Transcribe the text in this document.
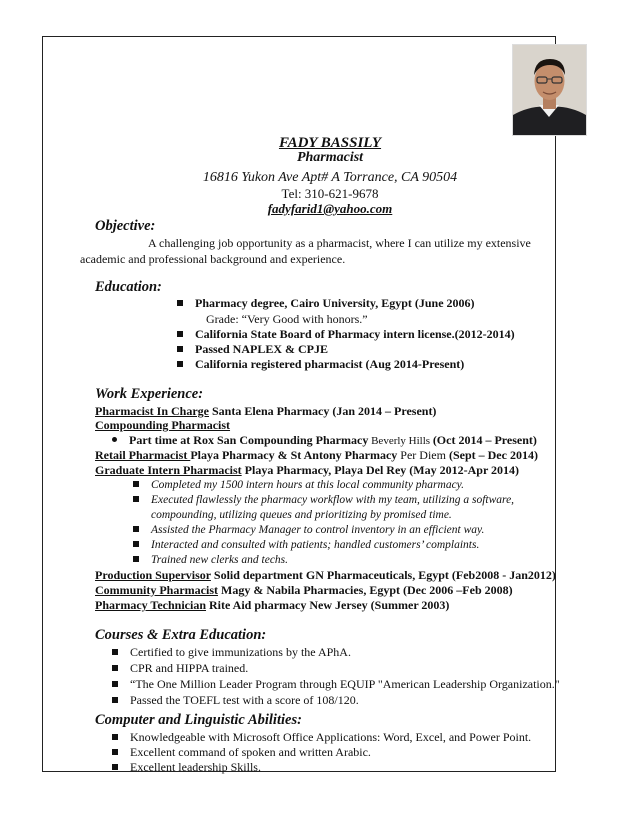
FADY BASSILY
Pharmacist
16816 Yukon Ave Apt# A Torrance, CA 90504
Tel: 310-621-9678
fadyfarid1@yahoo.com
Objective:
A challenging job opportunity as a pharmacist, where I can utilize my extensive
academic and professional background and experience.
Education:
Pharmacy degree, Cairo University, Egypt (June 2006)
Grade: “Very Good with honors.”
California State Board of Pharmacy intern license.(2012-2014)
Passed NAPLEX & CPJE
California registered pharmacist (Aug 2014-Present)
Work Experience:
Pharmacist In Charge Santa Elena Pharmacy (Jan 2014 – Present)
Compounding Pharmacist
Part time at Rox San Compounding Pharmacy Beverly Hills (Oct 2014 – Present)
Retail Pharmacist Playa Pharmacy & St Antony Pharmacy Per Diem (Sept – Dec 2014)
Graduate Intern Pharmacist Playa Pharmacy, Playa Del Rey (May 2012-Apr 2014)
Completed my 1500 intern hours at this local community pharmacy.
Executed flawlessly the pharmacy workflow with my team, utilizing a software,
compounding, utilizing queues and prioritizing by promised time.
Assisted the Pharmacy Manager to control inventory in an efficient way.
Interacted and consulted with patients; handled customers’ complaints.
Trained new clerks and techs.
Production Supervisor Solid department GN Pharmaceuticals, Egypt (Feb2008 - Jan2012)
Community Pharmacist Magy & Nabila Pharmacies, Egypt (Dec 2006 –Feb 2008)
Pharmacy Technician Rite Aid pharmacy New Jersey (Summer 2003)
Courses & Extra Education:
Certified to give immunizations by the APhA.
CPR and HIPPA trained.
“The One Million Leader Program through EQUIP "American Leadership Organization."
Passed the TOEFL test with a score of 108/120.
Computer and Linguistic Abilities:
Knowledgeable with Microsoft Office Applications: Word, Excel, and Power Point.
Excellent command of spoken and written Arabic.
Excellent leadership Skills.
